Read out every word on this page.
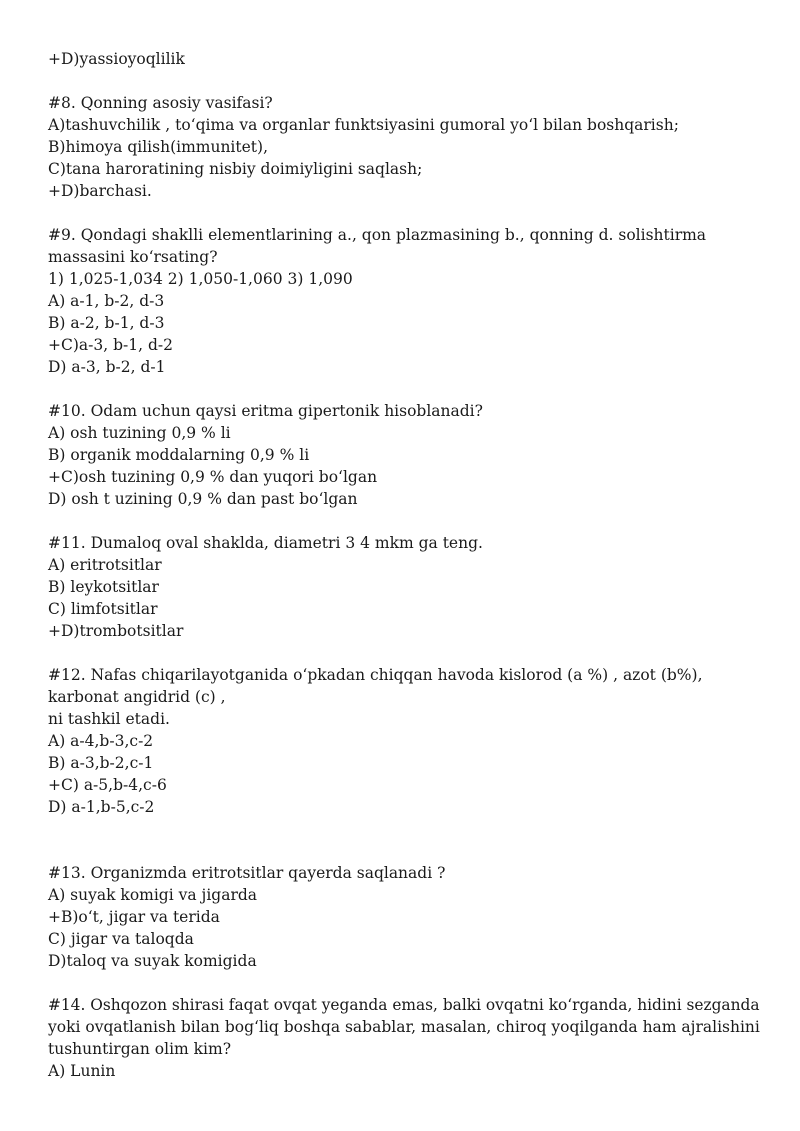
+D)yassioyoqlilik

#8. Qonning asosiy vasifasi?

A)tashuvchilik , to‘qima va organlar funktsiyasini gumoral yo‘l bilan boshqarish;

B)himoya qilish(immunitet),

C)tana haroratining nisbiy doimiyligini saqlash;

+D)barchasi.

#9. Qondagi shaklli elementlarining a., qon plazmasining b., qonning d. solishtirma

massasini ko‘rsating?

1) 1,025-1,034 2) 1,050-1,060 3) 1,090

A) a-1, b-2, d-3

B) a-2, b-1, d-3

+C)a-3, b-1, d-2

D) a-3, b-2, d-1

#10. Odam uchun qaysi eritma gipertonik hisoblanadi?

A) osh tuzining 0,9 % li

B) organik moddalarning 0,9 % li

+C)osh tuzining 0,9 % dan yuqori bo‘lgan

D) osh t uzining 0,9 % dan past bo‘lgan

#11. Dumaloq oval shaklda, diametri 3 4 mkm ga teng.

A) eritrotsitlar

B) leykotsitlar

C) limfotsitlar

+D)trombotsitlar

#12. Nafas chiqarilayotganida o‘pkadan chiqqan havoda kislorod (a %) , azot (b%),

karbonat angidrid (c) ,

ni tashkil etadi.

A) a-4,b-3,c-2

B) a-3,b-2,c-1

+C) a-5,b-4,c-6

D) a-1,b-5,c-2

#13. Organizmda eritrotsitlar qayerda saqlanadi ?

A) suyak komigi va jigarda

+B)o‘t, jigar va terida

C) jigar va taloqda

D)taloq va suyak komigida

#14. Oshqozon shirasi faqat ovqat yeganda emas, balki ovqatni ko‘rganda, hidini sezganda

yoki ovqatlanish bilan bog‘liq boshqa sabablar, masalan, chiroq yoqilganda ham ajralishini

tushuntirgan olim kim?

A) Lunin
